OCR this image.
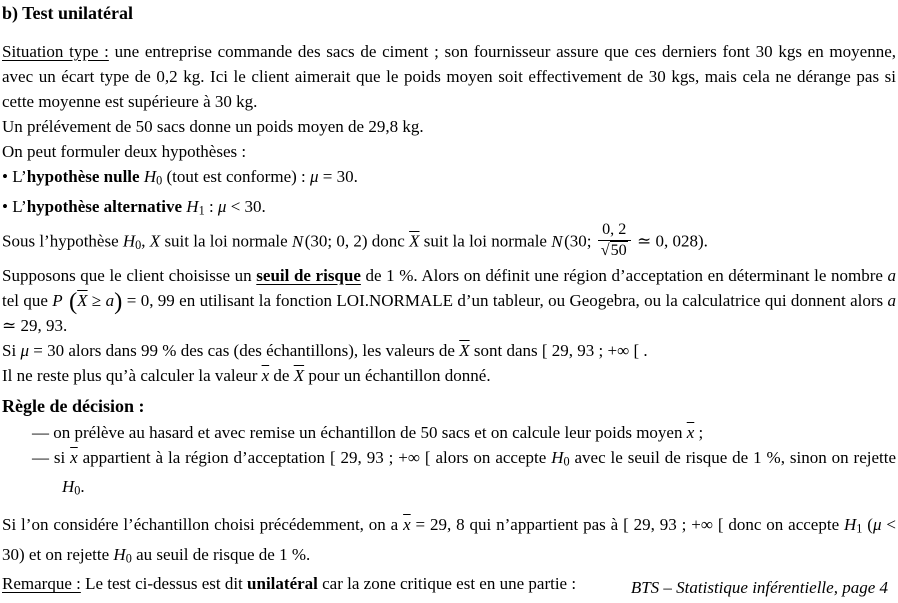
b) Test unilatéral

Situation type : une entreprise commande des sacs de ciment ; son fournisseur assure que ces derniers font 30 kgs en moyenne, avec un écart type de 0,2 kg. Ici le client aimerait que le poids moyen soit effectivement de 30 kgs, mais cela ne dérange pas si cette moyenne est supérieure à 30 kg.

Un prélévement de 50 sacs donne un poids moyen de 29,8 kg.

On peut formuler deux hypothèses :

• L’hypothèse nulle H0 (tout est conforme) : μ = 30.

• L’hypothèse alternative H1 : μ < 30.

Sous l’hypothèse H0, X suit la loi normale N(30; 0, 2) donc $\overline{X}$ suit la loi normale N(30; $\frac{0, 2}{√50}$ ≃ 0, 028).

Supposons que le client choisisse un seuil de risque de 1 %. Alors on définit une région d’acceptation en déterminant le nombre a tel que P $(\overline{X} \ge a) = 0$, 99 en utilisant la fonction LOI.NORMALE d’un tableur, ou Geogebra, ou la calculatrice qui donnent alors a ≃ 29, 93.

Si μ = 30 alors dans 99 % des cas (des échantillons), les valeurs de $\overline{X}$ sont dans [ 29, 93 ; +∞ [ .

Il ne reste plus qu’à calculer la valeur $\overline{x}$ de $\overline{X}$ pour un échantillon donné.

Règle de décision :

— on prélève au hasard et avec remise un échantillon de 50 sacs et on calcule leur poids moyen $\overline{x}$ ;

— si $\overline{x}$ appartient à la région d’acceptation [ 29, 93 ; +∞ [ alors on accepte H0 avec le seuil de risque de 1 %, sinon on rejette H0.

Si l’on considére l’échantillon choisi précédemment, on a $\overline{x} = 29$, 8 qui n’appartient pas à [ 29, 93 ; +∞ [ donc on accepte H1 (μ < 30) et on rejette H0 au seuil de risque de 1 %.

Remarque : Le test ci-dessus est dit unilatéral car la zone critique est en une partie :	BTS – Statistique inférentielle, page 4
